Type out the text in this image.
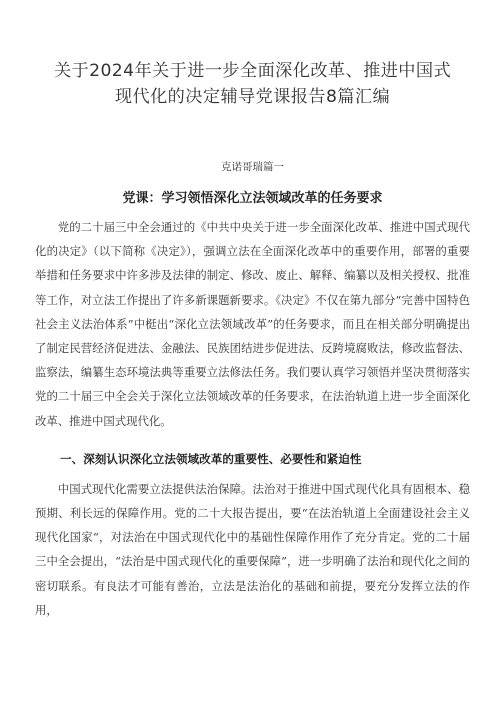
关于2024年关于进一步全面深化改革、推进中国式
现代化的决定辅导党课报告8篇汇编
克诺哥瑞篇一
党课：学习领悟深化立法领域改革的任务要求

党的二十届三中全会通过的《中共中央关于进一步全面深化改革、推进中国式现代化的决定》（以下简称《决定》），强调立法在全面深化改革中的重要作用，部署的重要举措和任务要求中许多涉及法律的制定、修改、废止、解释、编纂以及相关授权、批准等工作，对立法工作提出了许多新课题新要求。《决定》不仅在第九部分“完善中国特色社会主义法治体系”中梃出“深化立法领域改革”的任务要求，而且在相关部分明确提出了制定民营经济促进法、金融法、民族团结进步促进法、反跨境腐败法，修改监督法、监察法，编纂生态环境法典等重要立法修法任务。我们要认真学习领悟并坚决贯彻落实党的二十届三中全会关于深化立法领域改革的任务要求，在法治轨道上进一步全面深化改革、推进中国式现代化。

一、深刻认识深化立法领域改革的重要性、必要性和紧迫性

中国式现代化需要立法提供法治保障。法治对于推进中国式现代化具有固根本、稳预期、利长远的保障作用。党的二十大报告提出，要“在法治轨道上全面建设社会主义现代化国家“，对法治在中国式现代化中的基础性保障作用作了充分肯定。党的二十届三中全会提出，“法治是中国式现代化的重要保障”，进一步明确了法治和现代化之间的密切联系。有良法才可能有善治，立法是法治化的基础和前提，要充分发挥立法的作用，
